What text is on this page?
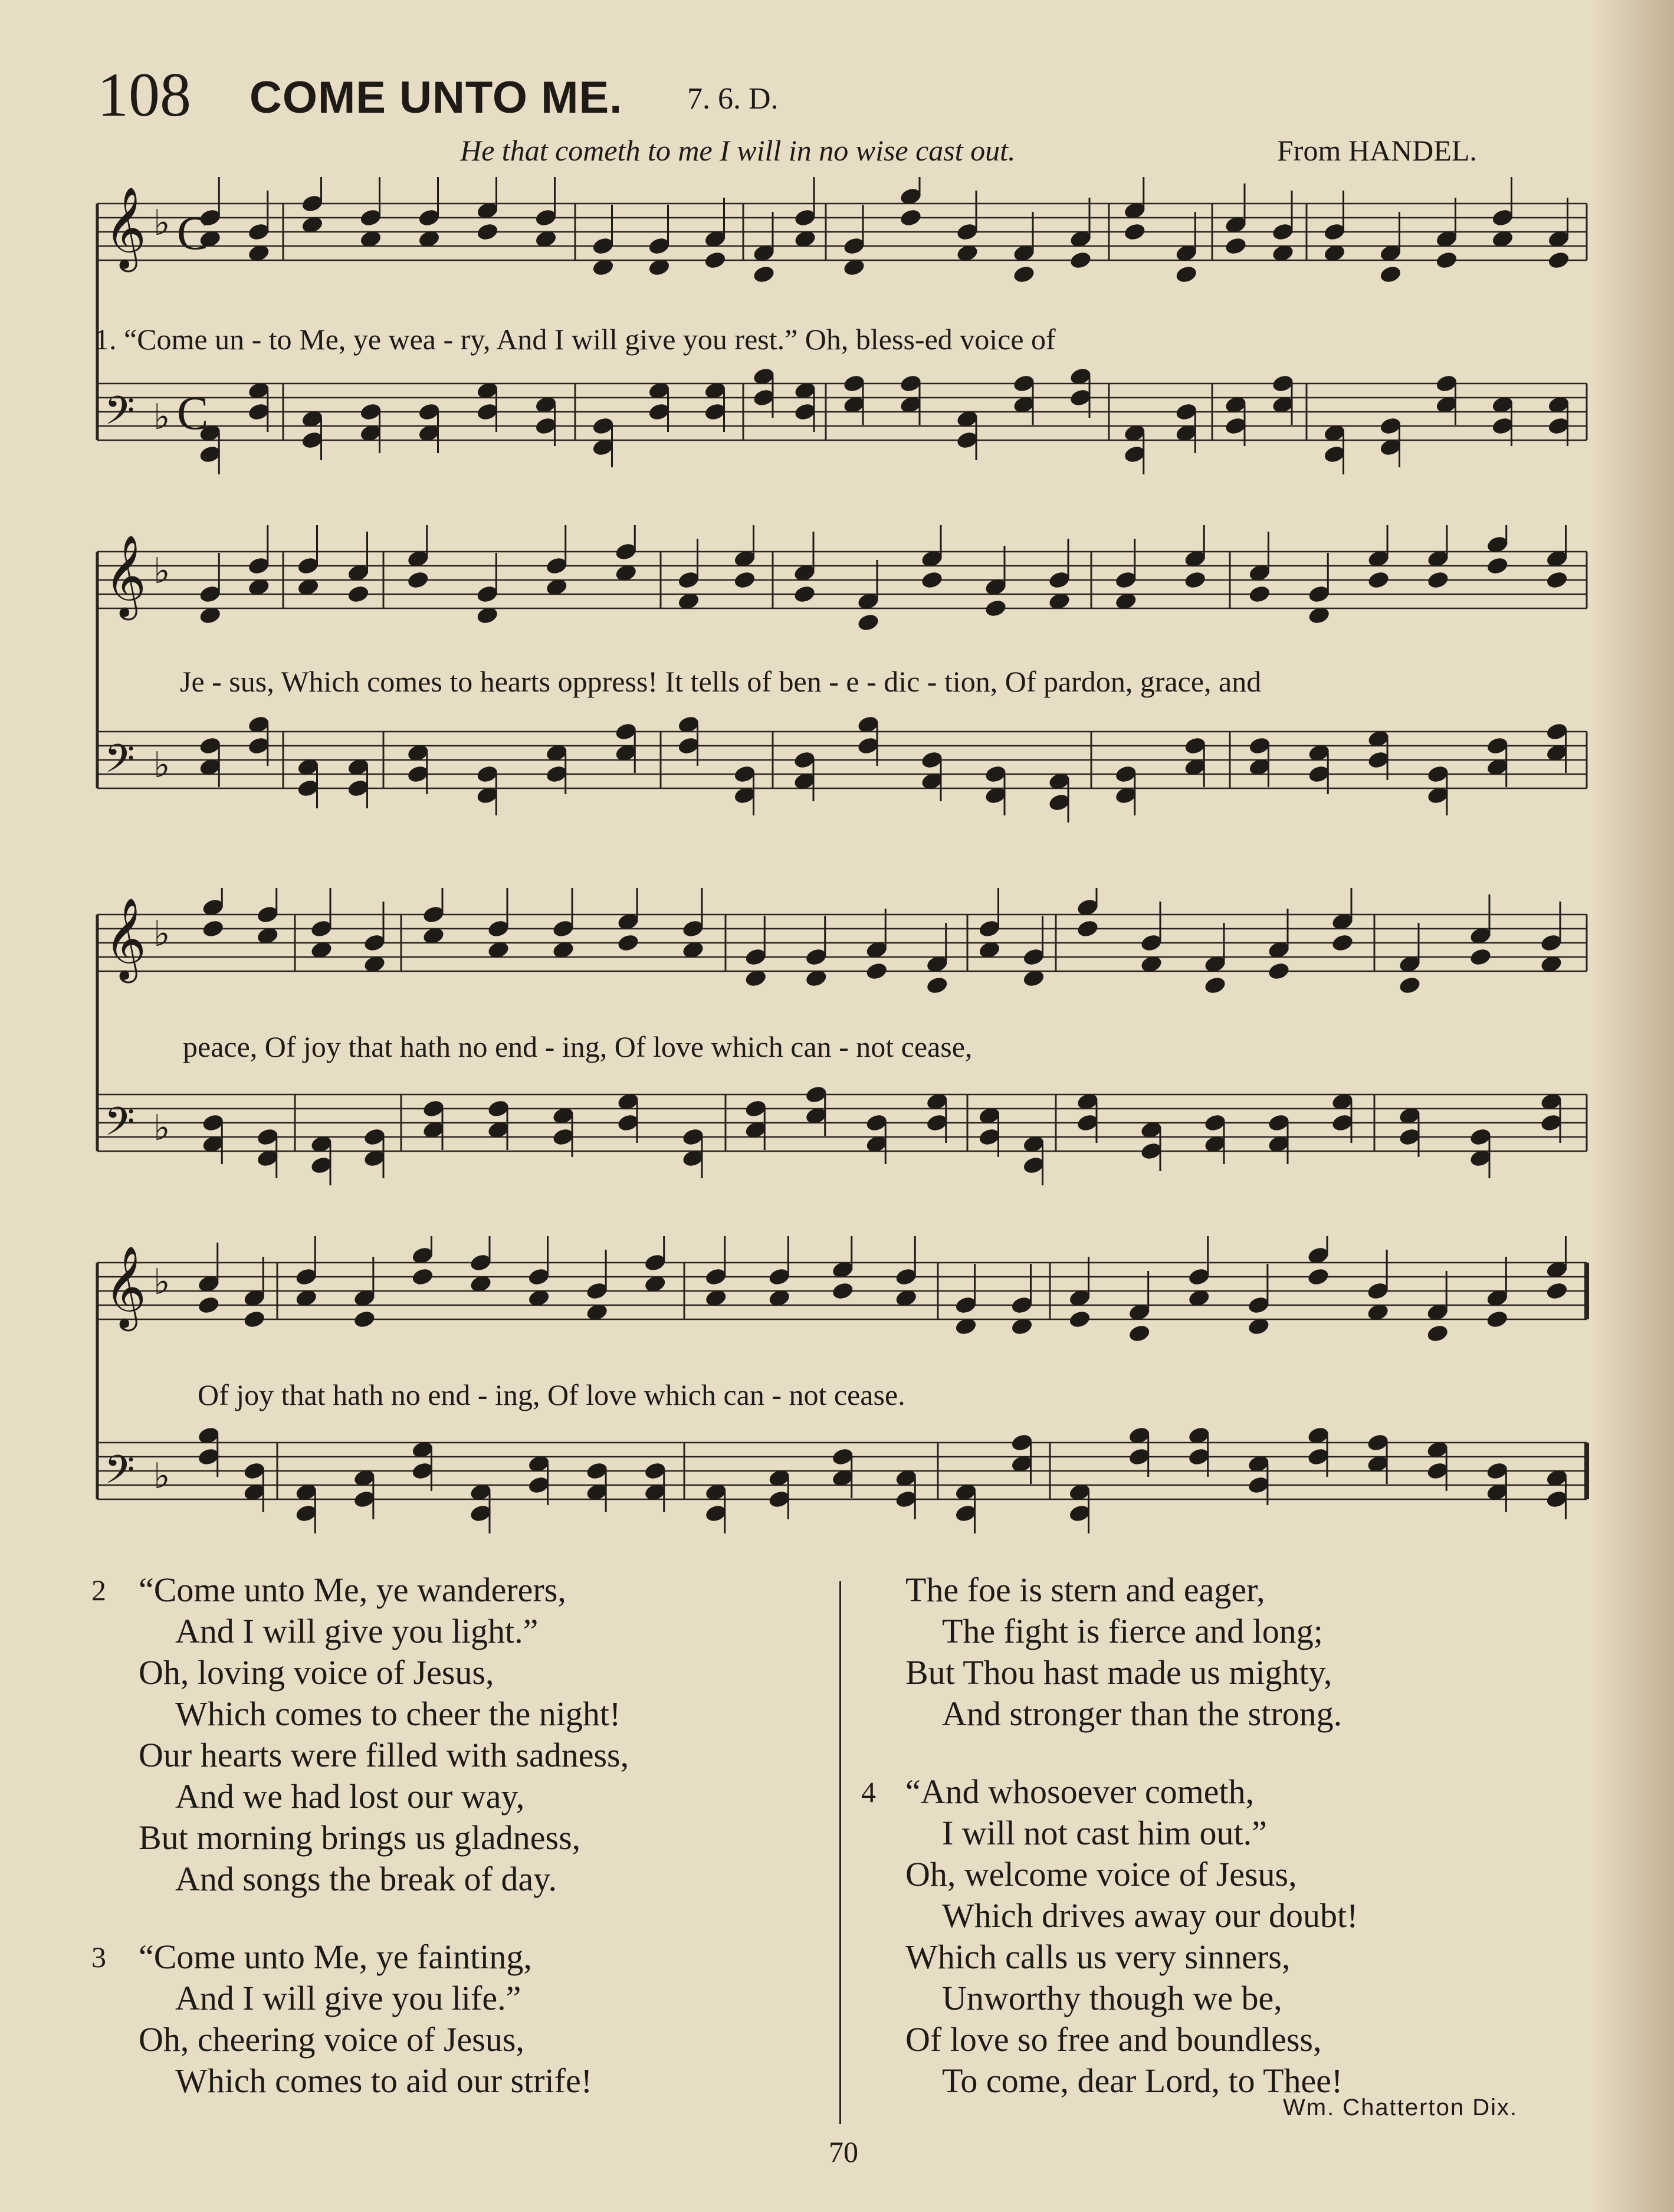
108 COME UNTO ME. 7. 6. D.
He that cometh to me I will in no wise cast out.	From HANDEL.
𝄞 ♭ C
𝄢 ♭ C
1. “Come un - to Me, ye wea - ry, And I will give you rest.” Oh, bless-ed voice of
𝄞 ♭
𝄢 ♭
Je - sus, Which comes to hearts oppress! It tells of ben - e - dic - tion, Of pardon, grace, and
𝄞 ♭
𝄢 ♭
peace, Of joy that hath no end - ing, Of love which can - not cease,
𝄞 ♭
𝄢 ♭
Of joy that hath no end - ing, Of love which can - not cease.
2 “Come unto Me, ye wanderers,
And I will give you light.”
Oh, loving voice of Jesus,
Which comes to cheer the night!
Our hearts were filled with sadness,
And we had lost our way,
But morning brings us gladness,
And songs the break of day.
3 “Come unto Me, ye fainting,
And I will give you life.”
Oh, cheering voice of Jesus,
Which comes to aid our strife!
The foe is stern and eager,
The fight is fierce and long;
But Thou hast made us mighty,
And stronger than the strong.
4 “And whosoever cometh,
I will not cast him out.”
Oh, welcome voice of Jesus,
Which drives away our doubt!
Which calls us very sinners,
Unworthy though we be,
Of love so free and boundless,
To come, dear Lord, to Thee!
Wm. Chatterton Dix.
70
